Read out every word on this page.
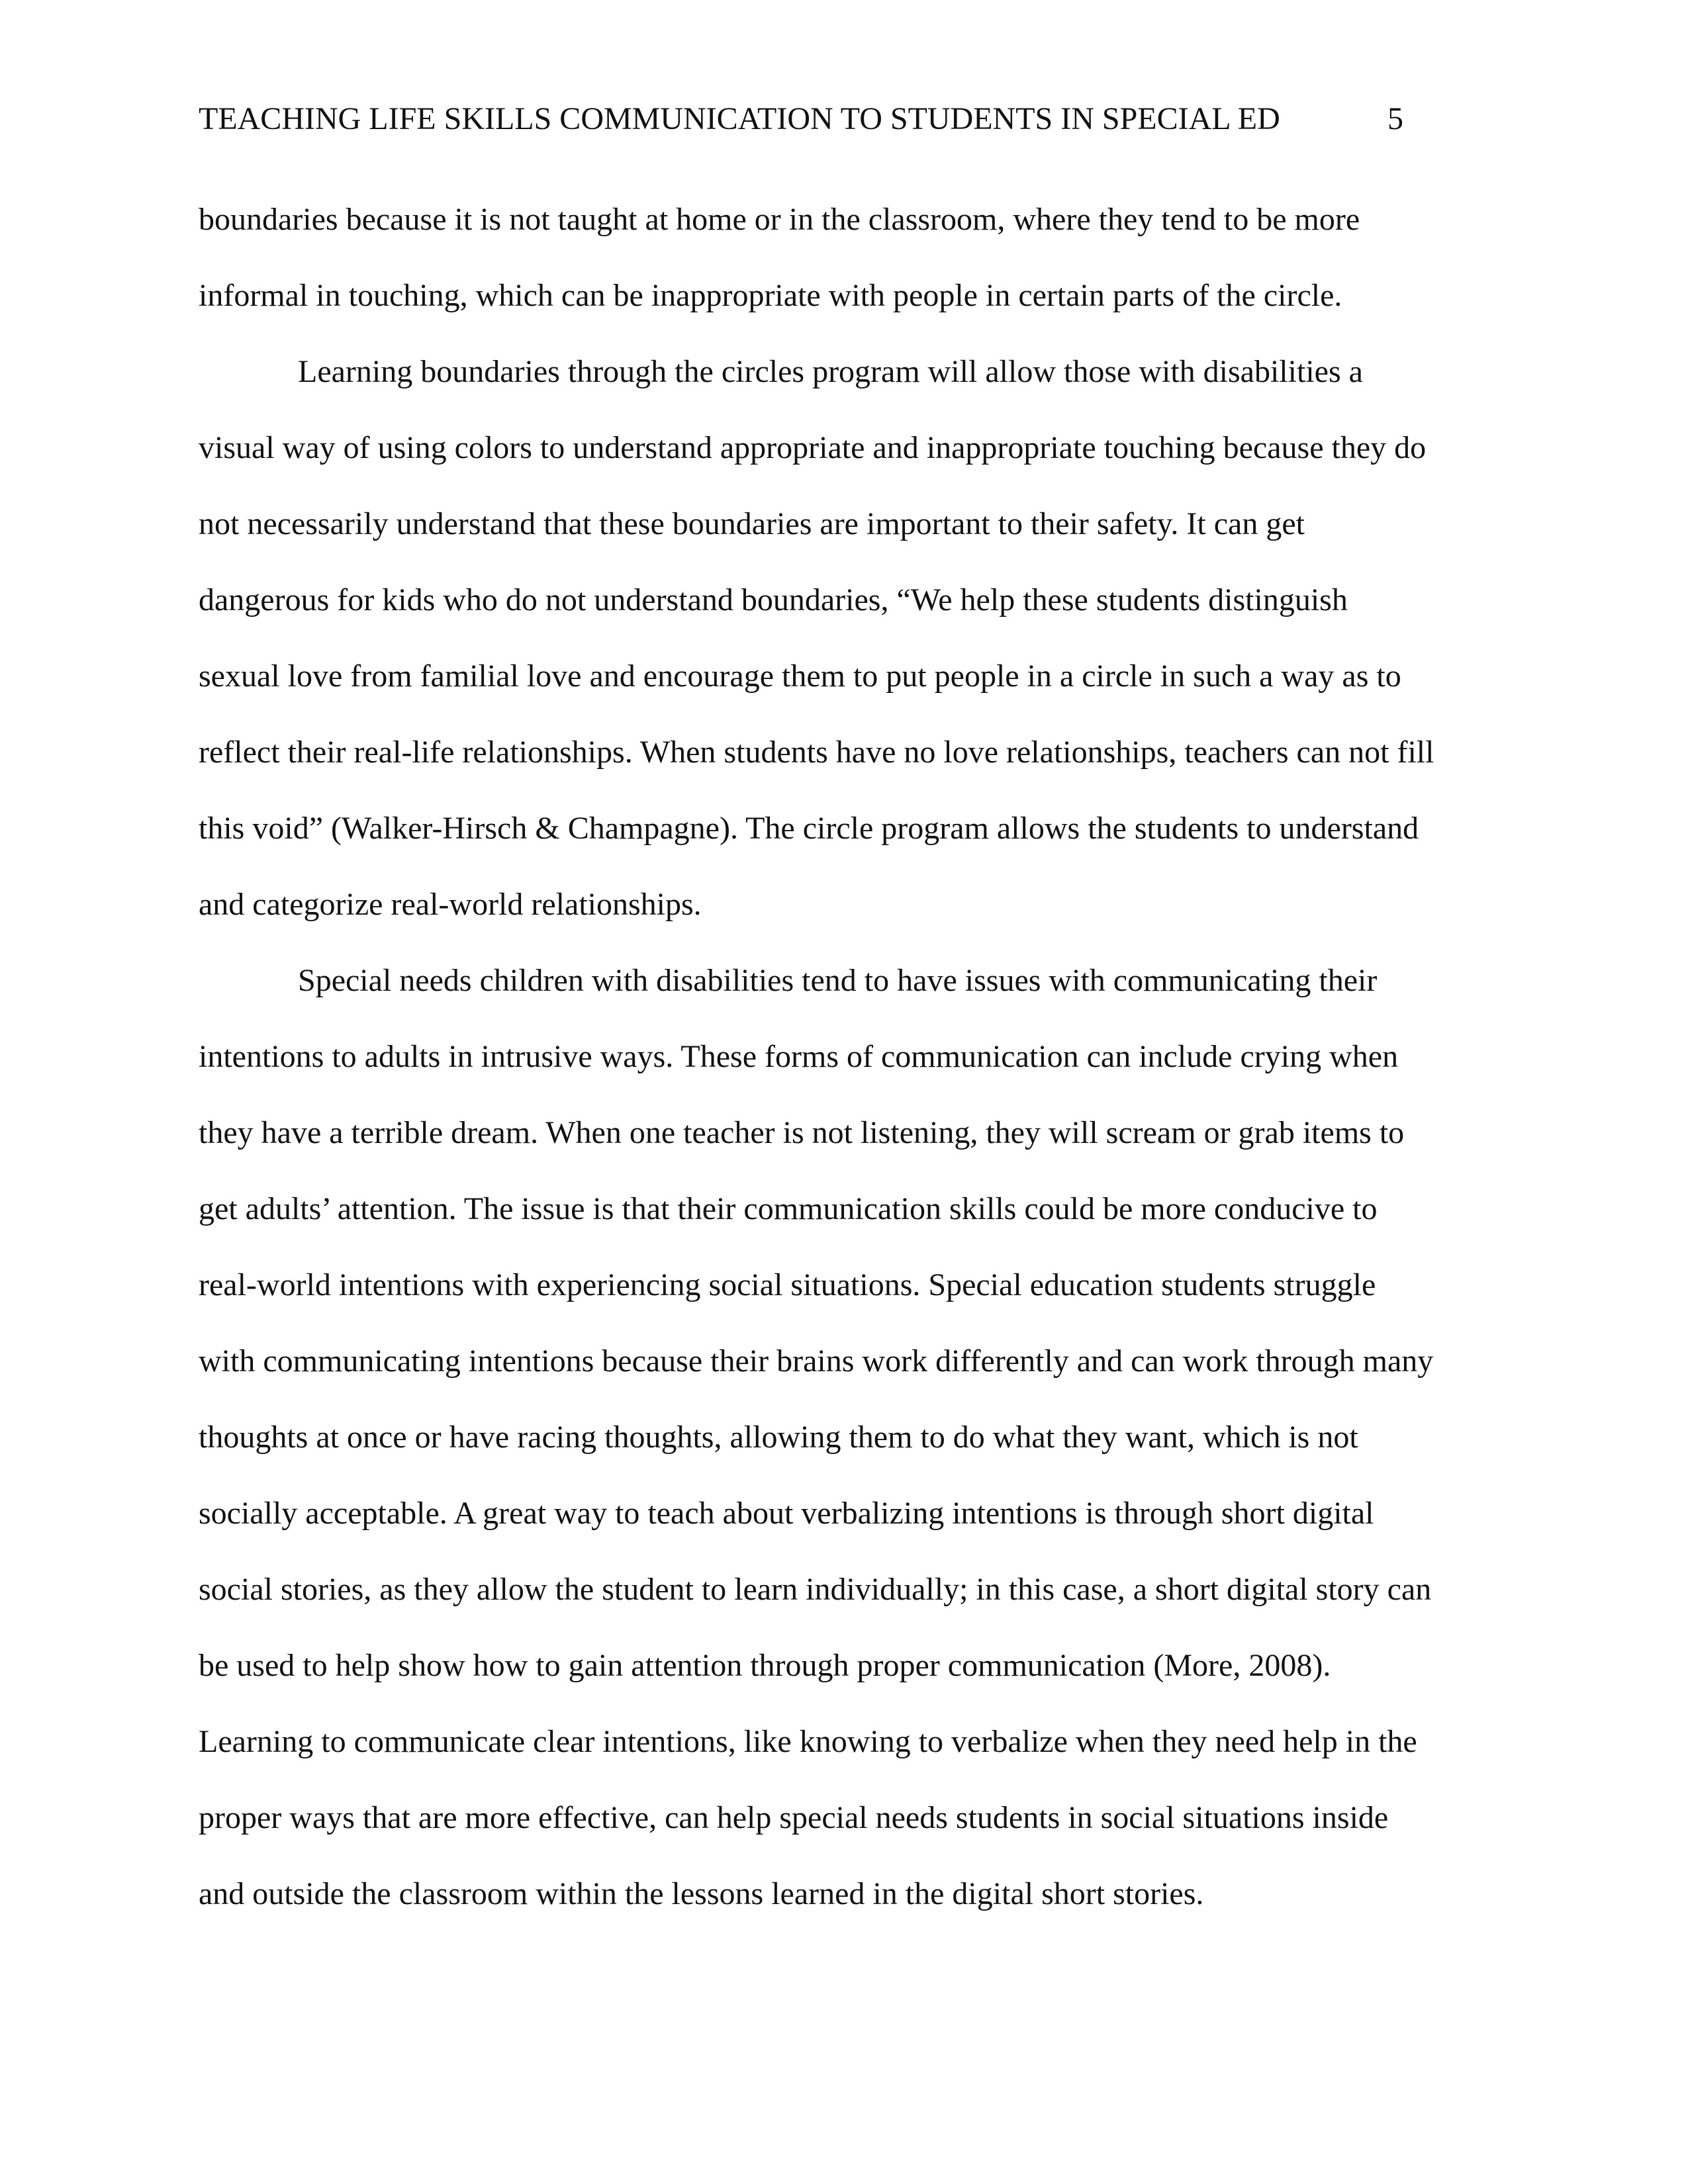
TEACHING LIFE SKILLS COMMUNICATION TO STUDENTS IN SPECIAL ED	5
boundaries because it is not taught at home or in the classroom, where they tend to be more
informal in touching, which can be inappropriate with people in certain parts of the circle.
Learning boundaries through the circles program will allow those with disabilities a
visual way of using colors to understand appropriate and inappropriate touching because they do
not necessarily understand that these boundaries are important to their safety. It can get
dangerous for kids who do not understand boundaries, “We help these students distinguish
sexual love from familial love and encourage them to put people in a circle in such a way as to
reflect their real-life relationships. When students have no love relationships, teachers can not fill
this void” (Walker-Hirsch & Champagne). The circle program allows the students to understand
and categorize real-world relationships.
Special needs children with disabilities tend to have issues with communicating their
intentions to adults in intrusive ways. These forms of communication can include crying when
they have a terrible dream. When one teacher is not listening, they will scream or grab items to
get adults’ attention. The issue is that their communication skills could be more conducive to
real-world intentions with experiencing social situations. Special education students struggle
with communicating intentions because their brains work differently and can work through many
thoughts at once or have racing thoughts, allowing them to do what they want, which is not
socially acceptable. A great way to teach about verbalizing intentions is through short digital
social stories, as they allow the student to learn individually; in this case, a short digital story can
be used to help show how to gain attention through proper communication (More, 2008).
Learning to communicate clear intentions, like knowing to verbalize when they need help in the
proper ways that are more effective, can help special needs students in social situations inside
and outside the classroom within the lessons learned in the digital short stories.
